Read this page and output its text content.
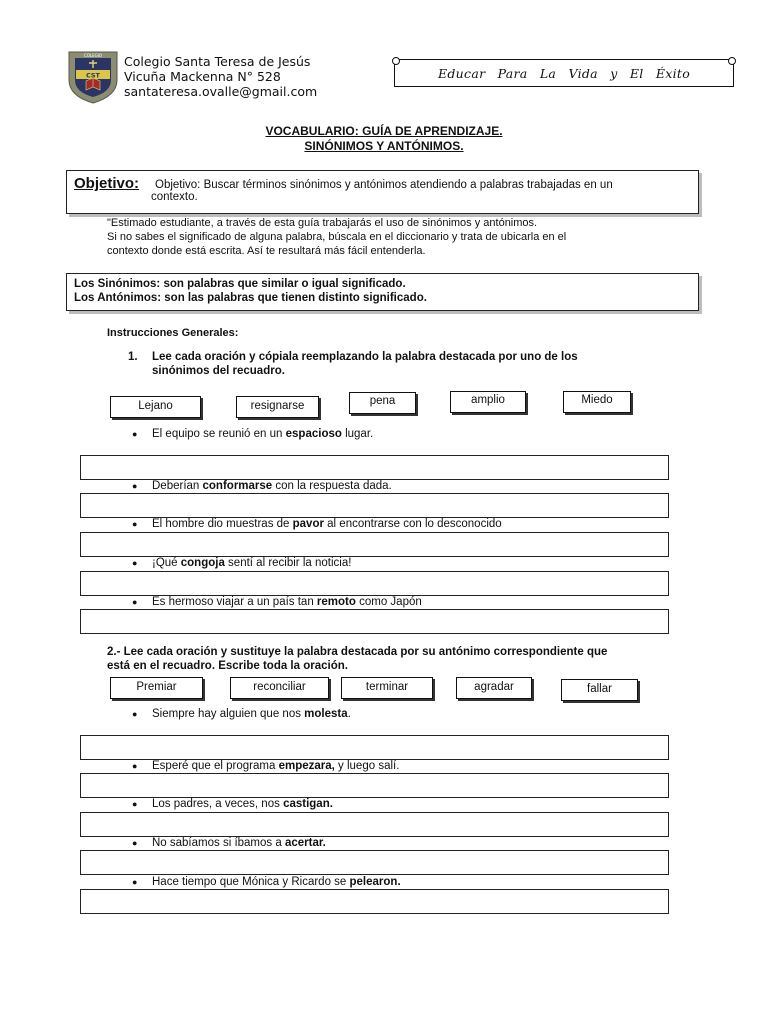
COLEGIO
CST
Colegio Santa Teresa de Jesús
Vicuña Mackenna N° 528
santateresa.ovalle@gmail.com
Educar Para La Vida y El Éxito
VOCABULARIO: GUÍA DE APRENDIZAJE.
SINÓNIMOS Y ANTÓNIMOS.
Objetivo: Objetivo: Buscar términos sinónimos y antónimos atendiendo a palabras trabajadas en un
contexto.
"Estimado estudiante, a través de esta guía trabajarás el uso de sinónimos y antónimos.
Si no sabes el significado de alguna palabra, búscala en el diccionario y trata de ubicarla en el
contexto donde está escrita. Así te resultará más fácil entenderla.
Los Sinónimos: son palabras que similar o igual significado.
Los Antónimos: son las palabras que tienen distinto significado.
Instrucciones Generales:
1. Lee cada oración y cópiala reemplazando la palabra destacada por uno de los
sinónimos del recuadro.
Lejano	resignarse	pena	amplio	Miedo
● El equipo se reunió en un espacioso lugar.
● Deberían conformarse con la respuesta dada.
● El hombre dio muestras de pavor al encontrarse con lo desconocido
● ¡Qué congoja sentí al recibir la noticia!
● Es hermoso viajar a un país tan remoto como Japón
2.- Lee cada oración y sustituye la palabra destacada por su antónimo correspondiente que
está en el recuadro. Escribe toda la oración.
Premiar	reconciliar	terminar	agradar	fallar
● Siempre hay alguien que nos molesta.
● Esperé que el programa empezara, y luego salí.
● Los padres, a veces, nos castigan.
● No sabíamos si íbamos a acertar.
● Hace tiempo que Mónica y Ricardo se pelearon.
